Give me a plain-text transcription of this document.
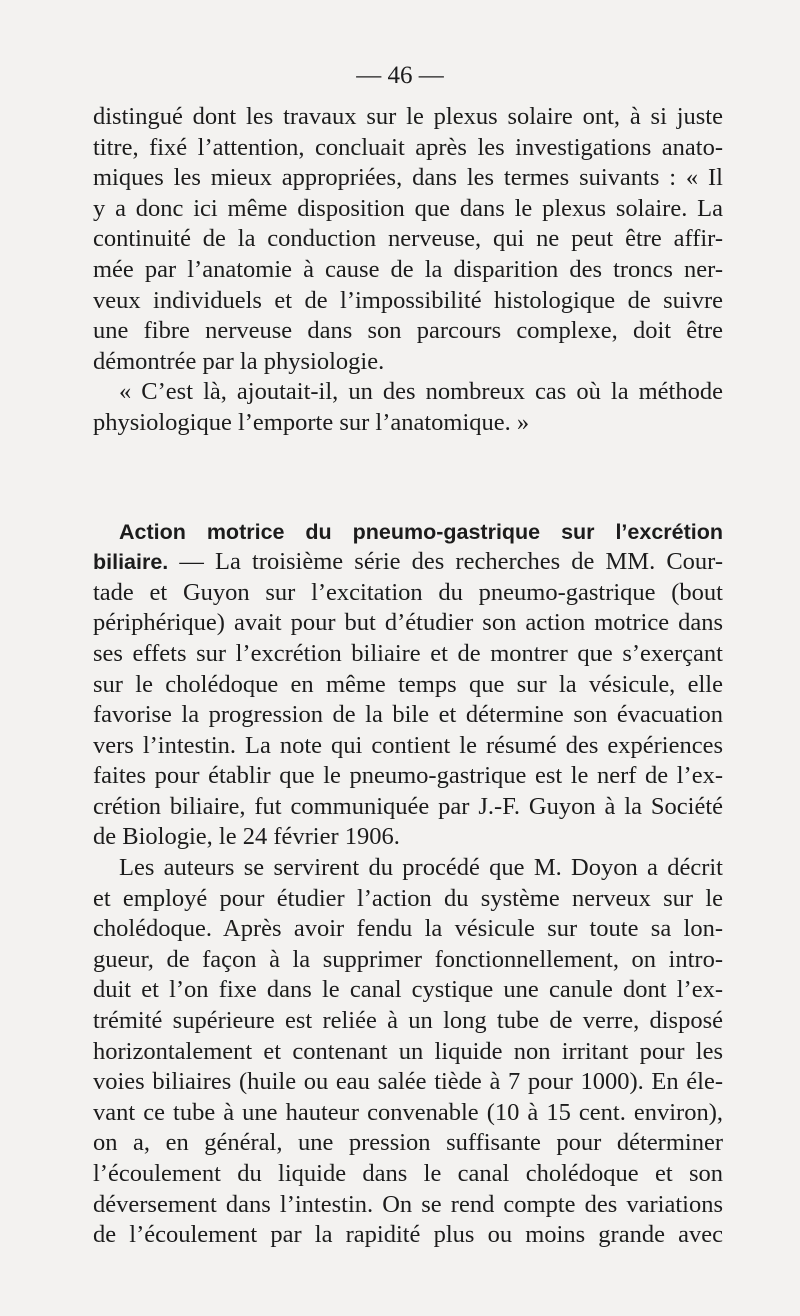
— 46 —
distingué dont les travaux sur le plexus solaire ont, à si juste
titre, fixé l’attention, concluait après les investigations anato-
miques les mieux appropriées, dans les termes suivants : « Il
y a donc ici même disposition que dans le plexus solaire. La
continuité de la conduction nerveuse, qui ne peut être affir-
mée par l’anatomie à cause de la disparition des troncs ner-
veux individuels et de l’impossibilité histologique de suivre
une fibre nerveuse dans son parcours complexe, doit être
démontrée par la physiologie.
« C’est là, ajoutait-il, un des nombreux cas où la méthode
physiologique l’emporte sur l’anatomique. »
Action motrice du pneumo-gastrique sur l’excrétion
biliaire. — La troisième série des recherches de MM. Cour-
tade et Guyon sur l’excitation du pneumo-gastrique (bout
périphérique) avait pour but d’étudier son action motrice dans
ses effets sur l’excrétion biliaire et de montrer que s’exerçant
sur le cholédoque en même temps que sur la vésicule, elle
favorise la progression de la bile et détermine son évacuation
vers l’intestin. La note qui contient le résumé des expériences
faites pour établir que le pneumo-gastrique est le nerf de l’ex-
crétion biliaire, fut communiquée par J.-F. Guyon à la Société
de Biologie, le 24 février 1906.
Les auteurs se servirent du procédé que M. Doyon a décrit
et employé pour étudier l’action du système nerveux sur le
cholédoque. Après avoir fendu la vésicule sur toute sa lon-
gueur, de façon à la supprimer fonctionnellement, on intro-
duit et l’on fixe dans le canal cystique une canule dont l’ex-
trémité supérieure est reliée à un long tube de verre, disposé
horizontalement et contenant un liquide non irritant pour les
voies biliaires (huile ou eau salée tiède à 7 pour 1000). En éle-
vant ce tube à une hauteur convenable (10 à 15 cent. environ),
on a, en général, une pression suffisante pour déterminer
l’écoulement du liquide dans le canal cholédoque et son
déversement dans l’intestin. On se rend compte des variations
de l’écoulement par la rapidité plus ou moins grande avec
